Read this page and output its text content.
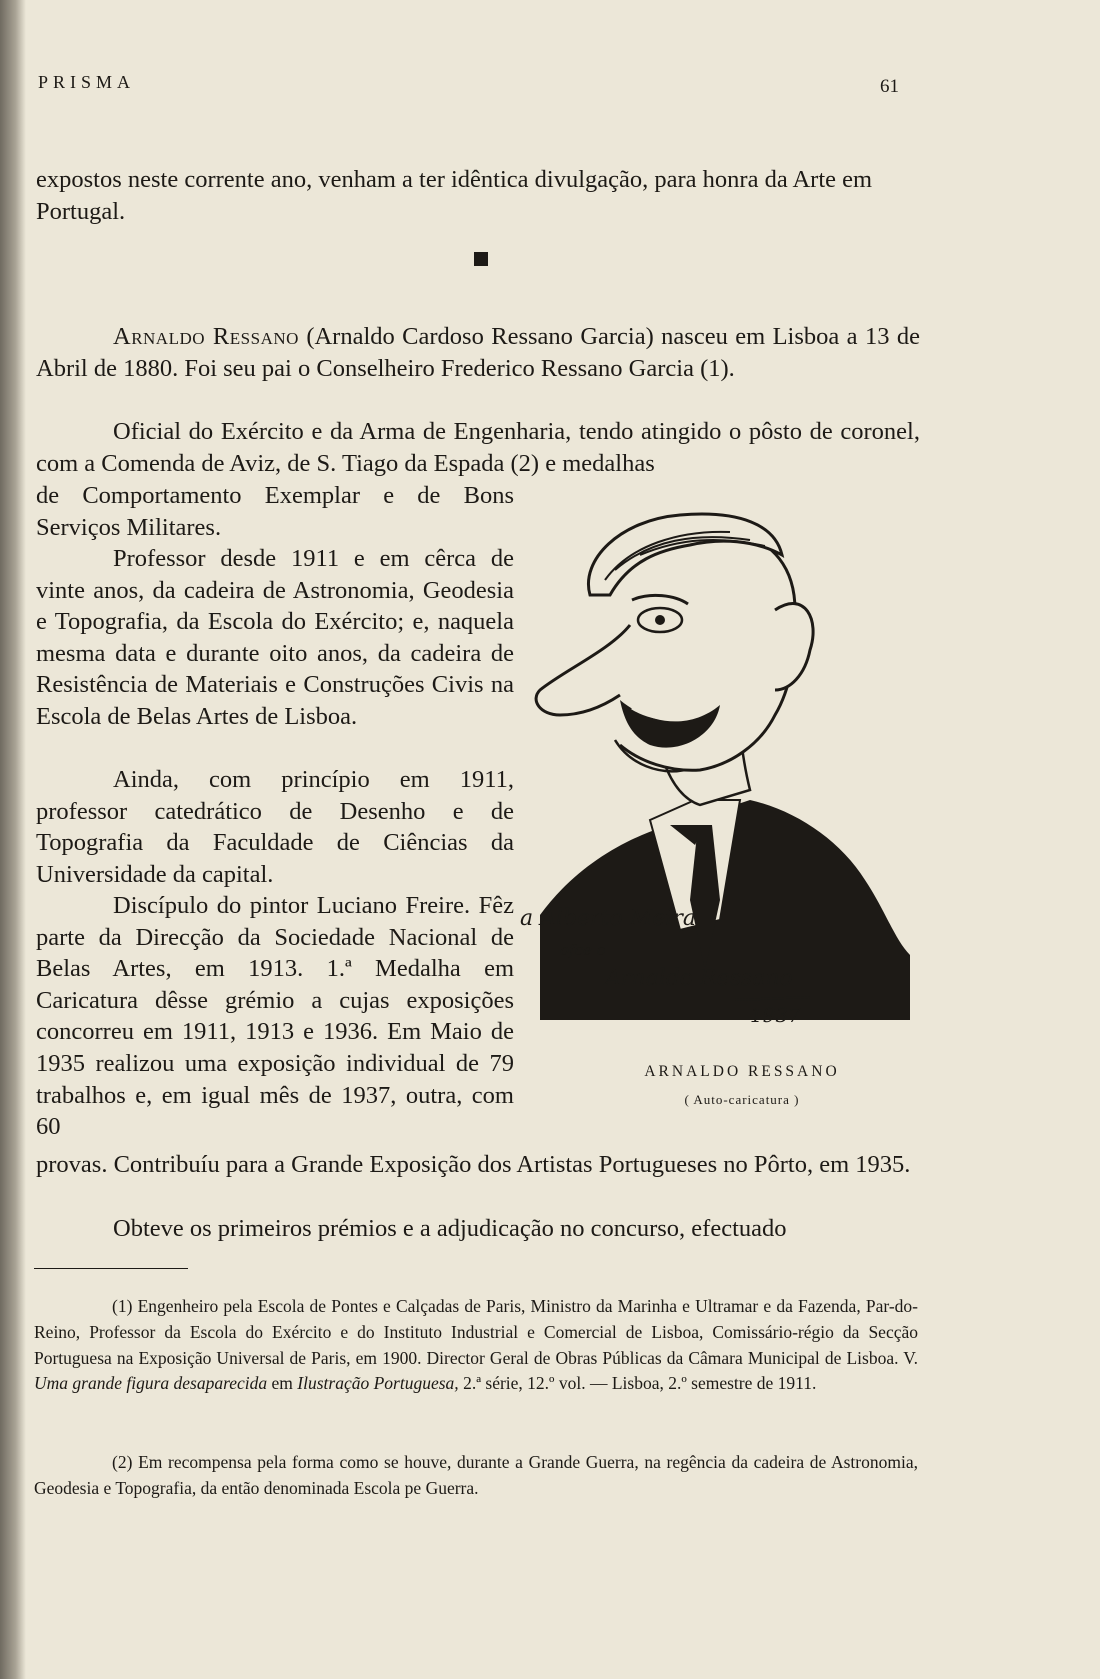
PRISMA	61

expostos neste corrente ano, venham a ter idêntica divulgação, para honra da Arte em Portugal.

Arnaldo Ressano (Arnaldo Cardoso Ressano Garcia) nasceu em Lisboa a 13 de Abril de 1880. Foi seu pai o Conselheiro Frederico Ressano Garcia (1).
Oficial do Exército e da Arma de Engenharia, tendo atingido o pôsto de coronel, com a Comenda de Aviz, de S. Tiago da Espada (2) e medalhas
de Comportamento Exemplar e de Bons Serviços Militares.
Professor desde 1911 e em cêrca de vinte anos, da cadeira de Astronomia, Geodesia e Topografia, da Escola do Exército; e, naquela mesma data e durante oito anos, da cadeira de Resistência de Materiais e Construções Civis na Escola de Belas Artes de Lisboa.
Ainda, com princípio em 1911, professor catedrático de Desenho e de Topografia da Faculdade de Ciências da Universidade da capital.
Discípulo do pintor Luciano Freire. Fêz parte da Direcção da Sociedade Nacional de Belas Artes, em 1913. 1.ª Medalha em Caricatura dêsse grémio a cujas exposições concorreu em 1911, 1913 e 1936. Em Maio de 1935 realizou uma exposição individual de 79 trabalhos e, em igual mês de 1937, outra, com 60
provas. Contribuíu para a Grande Exposição dos Artistas Portugueses no Pôrto, em 1935.
Obteve os primeiros prémios e a adjudicação no concurso, efectuado
a Alberto Meira
ofce o
Arnaldo Ressano
1937
ARNALDO RESSANO
( Auto-caricatura )

(1) Engenheiro pela Escola de Pontes e Calçadas de Paris, Ministro da Marinha e Ultramar e da Fazenda, Par-do-Reino, Professor da Escola do Exército e do Instituto Industrial e Comercial de Lisboa, Comissário-régio da Secção Portuguesa na Exposição Universal de Paris, em 1900. Director Geral de Obras Públicas da Câmara Municipal de Lisboa. V. Uma grande figura desaparecida em Ilustração Portuguesa, 2.ª série, 12.º vol. — Lisboa, 2.º semestre de 1911.

(2) Em recompensa pela forma como se houve, durante a Grande Guerra, na regência da cadeira de Astronomia, Geodesia e Topografia, da então denominada Escola pe Guerra.
